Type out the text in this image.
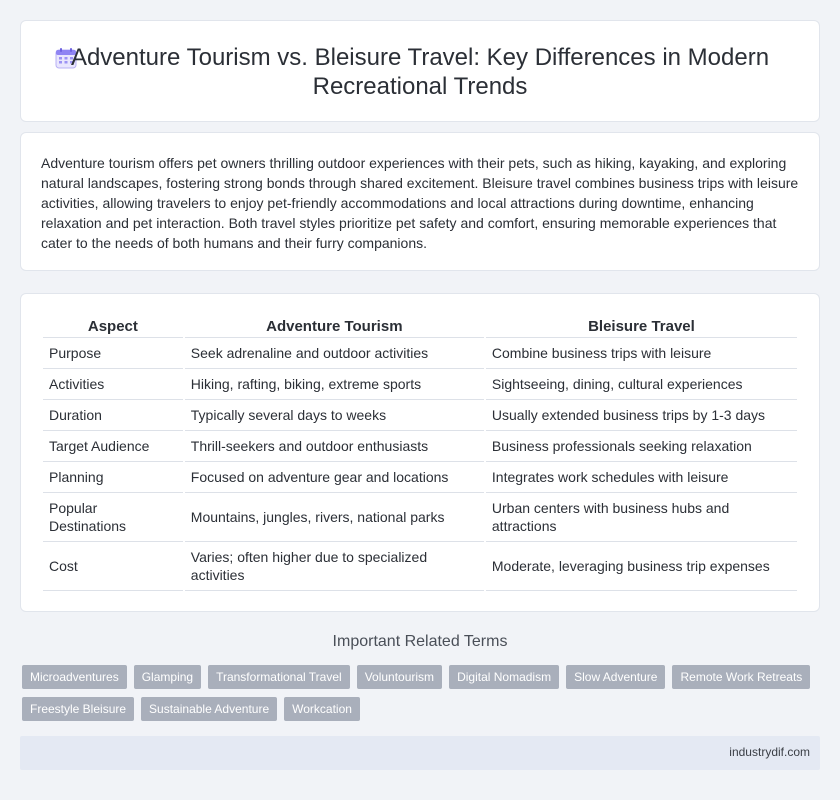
Adventure Tourism vs. Bleisure Travel: Key Differences in Modern Recreational Trends

Adventure tourism offers pet owners thrilling outdoor experiences with their pets, such as hiking, kayaking, and exploring natural landscapes, fostering strong bonds through shared excitement. Bleisure travel combines business trips with leisure activities, allowing travelers to enjoy pet-friendly accommodations and local attractions during downtime, enhancing relaxation and pet interaction. Both travel styles prioritize pet safety and comfort, ensuring memorable experiences that cater to the needs of both humans and their furry companions.

Aspect	Adventure Tourism	Bleisure Travel
Purpose	Seek adrenaline and outdoor activities	Combine business trips with leisure
Activities	Hiking, rafting, biking, extreme sports	Sightseeing, dining, cultural experiences
Duration	Typically several days to weeks	Usually extended business trips by 1-3 days
Target Audience	Thrill-seekers and outdoor enthusiasts	Business professionals seeking relaxation
Planning	Focused on adventure gear and locations	Integrates work schedules with leisure
Popular Destinations	Mountains, jungles, rivers, national parks	Urban centers with business hubs and attractions
Cost	Varies; often higher due to specialized activities	Moderate, leveraging business trip expenses
Important Related Terms
Microadventures	Glamping	Transformational Travel	Voluntourism	Digital Nomadism	Slow Adventure	Remote Work Retreats
Freestyle Bleisure	Sustainable Adventure	Workcation
industrydif.com
